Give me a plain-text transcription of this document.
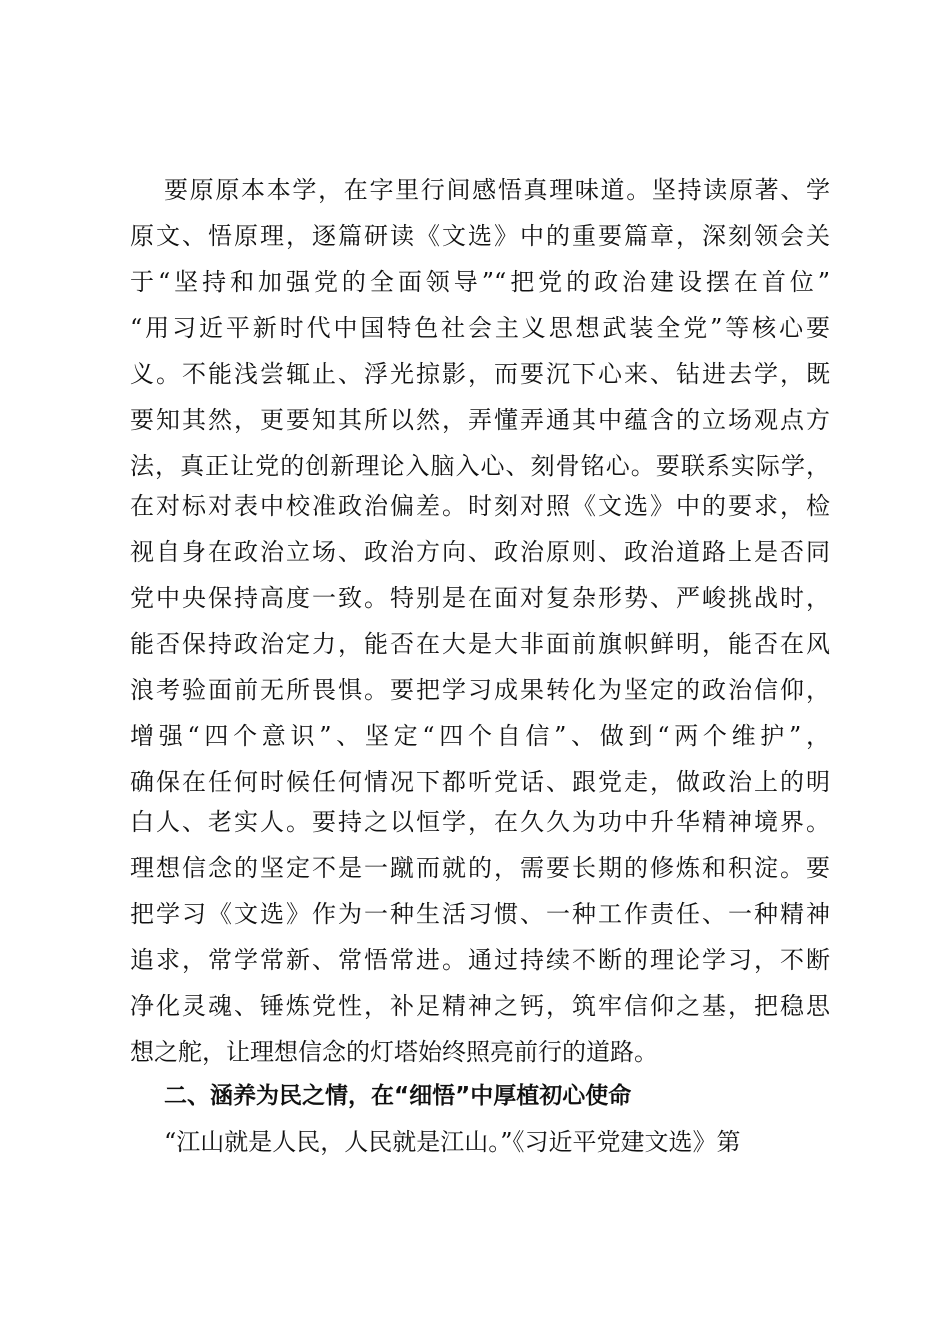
要原原本本学，在字里行间感悟真理味道。坚持读原著、学
原文、悟原理，逐篇研读《文选》中的重要篇章，深刻领会关
于“坚持和加强党的全面领导”“把党的政治建设摆在首位”
“用习近平新时代中国特色社会主义思想武装全党”等核心要
义。不能浅尝辄止、浮光掠影，而要沉下心来、钻进去学，既
要知其然，更要知其所以然，弄懂弄通其中蕴含的立场观点方
法，真正让党的创新理论入脑入心、刻骨铭心。要联系实际学，
在对标对表中校准政治偏差。时刻对照《文选》中的要求，检
视自身在政治立场、政治方向、政治原则、政治道路上是否同
党中央保持高度一致。特别是在面对复杂形势、严峻挑战时，
能否保持政治定力，能否在大是大非面前旗帜鲜明，能否在风
浪考验面前无所畏惧。要把学习成果转化为坚定的政治信仰，
增强“四个意识”、坚定“四个自信”、做到“两个维护”，
确保在任何时候任何情况下都听党话、跟党走，做政治上的明
白人、老实人。要持之以恒学，在久久为功中升华精神境界。
理想信念的坚定不是一蹴而就的，需要长期的修炼和积淀。要
把学习《文选》作为一种生活习惯、一种工作责任、一种精神
追求，常学常新、常悟常进。通过持续不断的理论学习，不断
净化灵魂、锤炼党性，补足精神之钙，筑牢信仰之基，把稳思
想之舵，让理想信念的灯塔始终照亮前行的道路。
二、涵养为民之情，在“细悟”中厚植初心使命
“江山就是人民，人民就是江山。”《习近平党建文选》第
